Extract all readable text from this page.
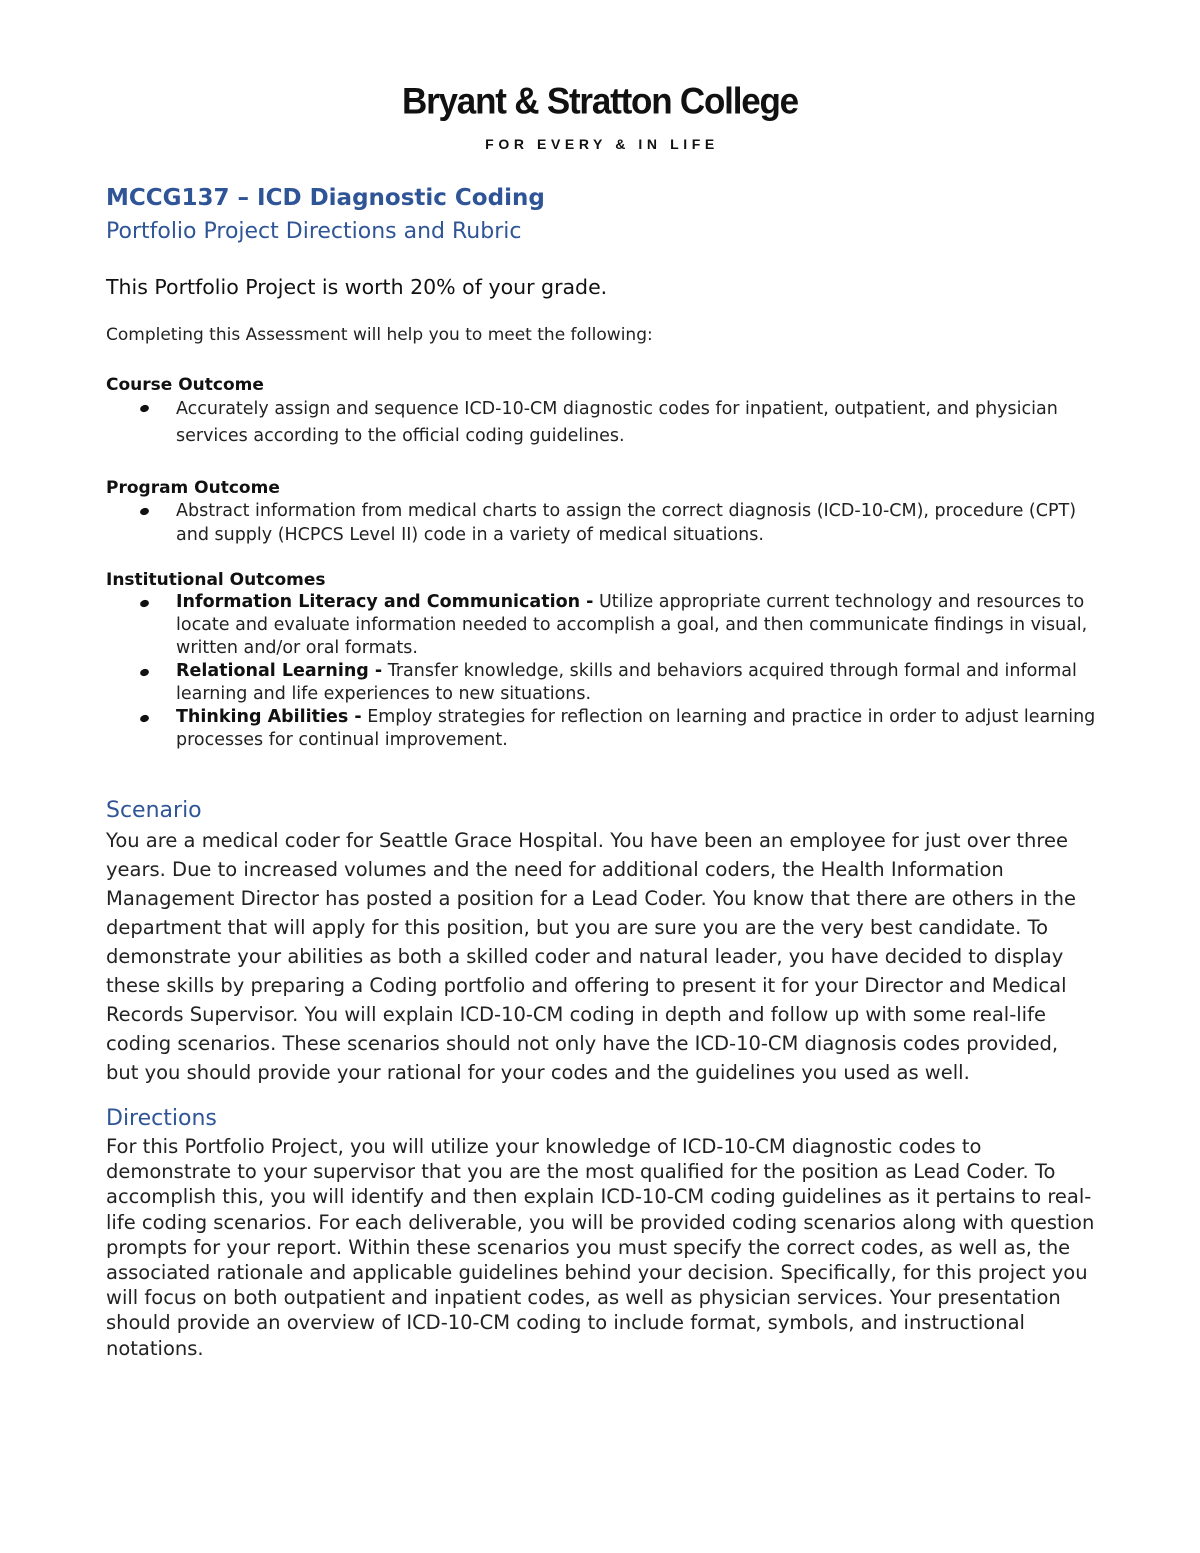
Bryant & Stratton College
FOR EVERY & IN LIFE
MCCG137 – ICD Diagnostic Coding
Portfolio Project Directions and Rubric

This Portfolio Project is worth 20% of your grade.

Completing this Assessment will help you to meet the following:

Course Outcome
Accurately assign and sequence ICD-10-CM diagnostic codes for inpatient, outpatient, and physician services according to the official coding guidelines.
Program Outcome
Abstract information from medical charts to assign the correct diagnosis (ICD-10-CM), procedure (CPT) and supply (HCPCS Level II) code in a variety of medical situations.
Institutional Outcomes
Information Literacy and Communication - Utilize appropriate current technology and resources to locate and evaluate information needed to accomplish a goal, and then communicate findings in visual, written and/or oral formats.
Relational Learning - Transfer knowledge, skills and behaviors acquired through formal and informal learning and life experiences to new situations.
Thinking Abilities - Employ strategies for reflection on learning and practice in order to adjust learning processes for continual improvement.
Scenario

You are a medical coder for Seattle Grace Hospital. You have been an employee for just over three years. Due to increased volumes and the need for additional coders, the Health Information Management Director has posted a position for a Lead Coder. You know that there are others in the department that will apply for this position, but you are sure you are the very best candidate. To demonstrate your abilities as both a skilled coder and natural leader, you have decided to display these skills by preparing a Coding portfolio and offering to present it for your Director and Medical Records Supervisor. You will explain ICD-10-CM coding in depth and follow up with some real-life coding scenarios. These scenarios should not only have the ICD-10-CM diagnosis codes provided, but you should provide your rational for your codes and the guidelines you used as well.

Directions

For this Portfolio Project, you will utilize your knowledge of ICD-10-CM diagnostic codes to demonstrate to your supervisor that you are the most qualified for the position as Lead Coder. To accomplish this, you will identify and then explain ICD-10-CM coding guidelines as it pertains to real-life coding scenarios. For each deliverable, you will be provided coding scenarios along with question prompts for your report. Within these scenarios you must specify the correct codes, as well as, the associated rationale and applicable guidelines behind your decision. Specifically, for this project you will focus on both outpatient and inpatient codes, as well as physician services. Your presentation should provide an overview of ICD-10-CM coding to include format, symbols, and instructional notations.
